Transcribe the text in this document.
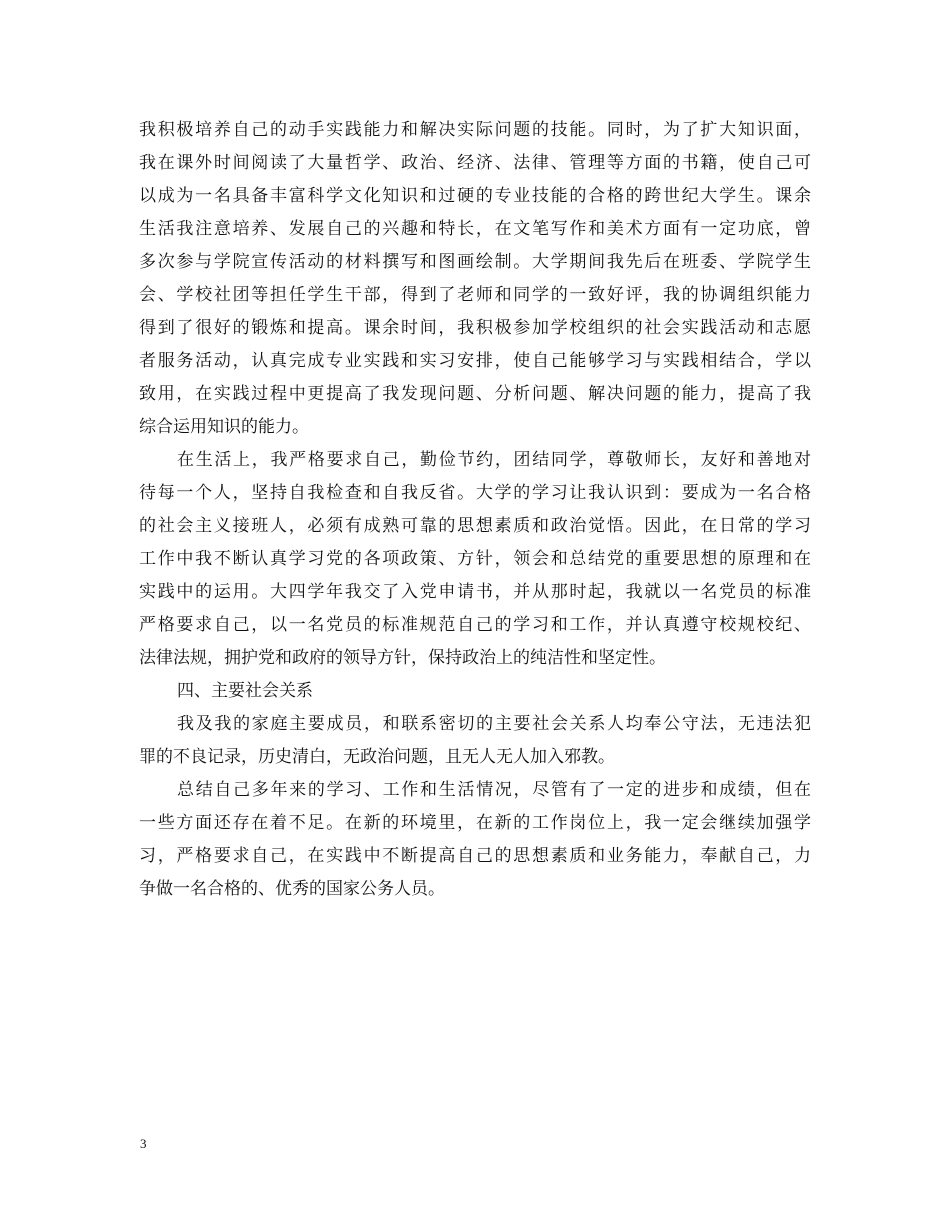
我积极培养自己的动手实践能力和解决实际问题的技能。同时，为了扩大知识面，
我在课外时间阅读了大量哲学、政治、经济、法律、管理等方面的书籍，使自己可
以成为一名具备丰富科学文化知识和过硬的专业技能的合格的跨世纪大学生。课余
生活我注意培养、发展自己的兴趣和特长，在文笔写作和美术方面有一定功底，曾
多次参与学院宣传活动的材料撰写和图画绘制。大学期间我先后在班委、学院学生
会、学校社团等担任学生干部，得到了老师和同学的一致好评，我的协调组织能力
得到了很好的锻炼和提高。课余时间，我积极参加学校组织的社会实践活动和志愿
者服务活动，认真完成专业实践和实习安排，使自己能够学习与实践相结合，学以
致用，在实践过程中更提高了我发现问题、分析问题、解决问题的能力，提高了我
综合运用知识的能力。
在生活上，我严格要求自己，勤俭节约，团结同学，尊敬师长，友好和善地对
待每一个人，坚持自我检查和自我反省。大学的学习让我认识到：要成为一名合格
的社会主义接班人，必须有成熟可靠的思想素质和政治觉悟。因此，在日常的学习
工作中我不断认真学习党的各项政策、方针，领会和总结党的重要思想的原理和在
实践中的运用。大四学年我交了入党申请书，并从那时起，我就以一名党员的标准
严格要求自己，以一名党员的标准规范自己的学习和工作，并认真遵守校规校纪、
法律法规，拥护党和政府的领导方针，保持政治上的纯洁性和坚定性。
四、主要社会关系
我及我的家庭主要成员，和联系密切的主要社会关系人均奉公守法，无违法犯
罪的不良记录，历史清白，无政治问题，且无人无人加入邪教。
总结自己多年来的学习、工作和生活情况，尽管有了一定的进步和成绩，但在
一些方面还存在着不足。在新的环境里，在新的工作岗位上，我一定会继续加强学
习，严格要求自己，在实践中不断提高自己的思想素质和业务能力，奉献自己，力
争做一名合格的、优秀的国家公务人员。
3
